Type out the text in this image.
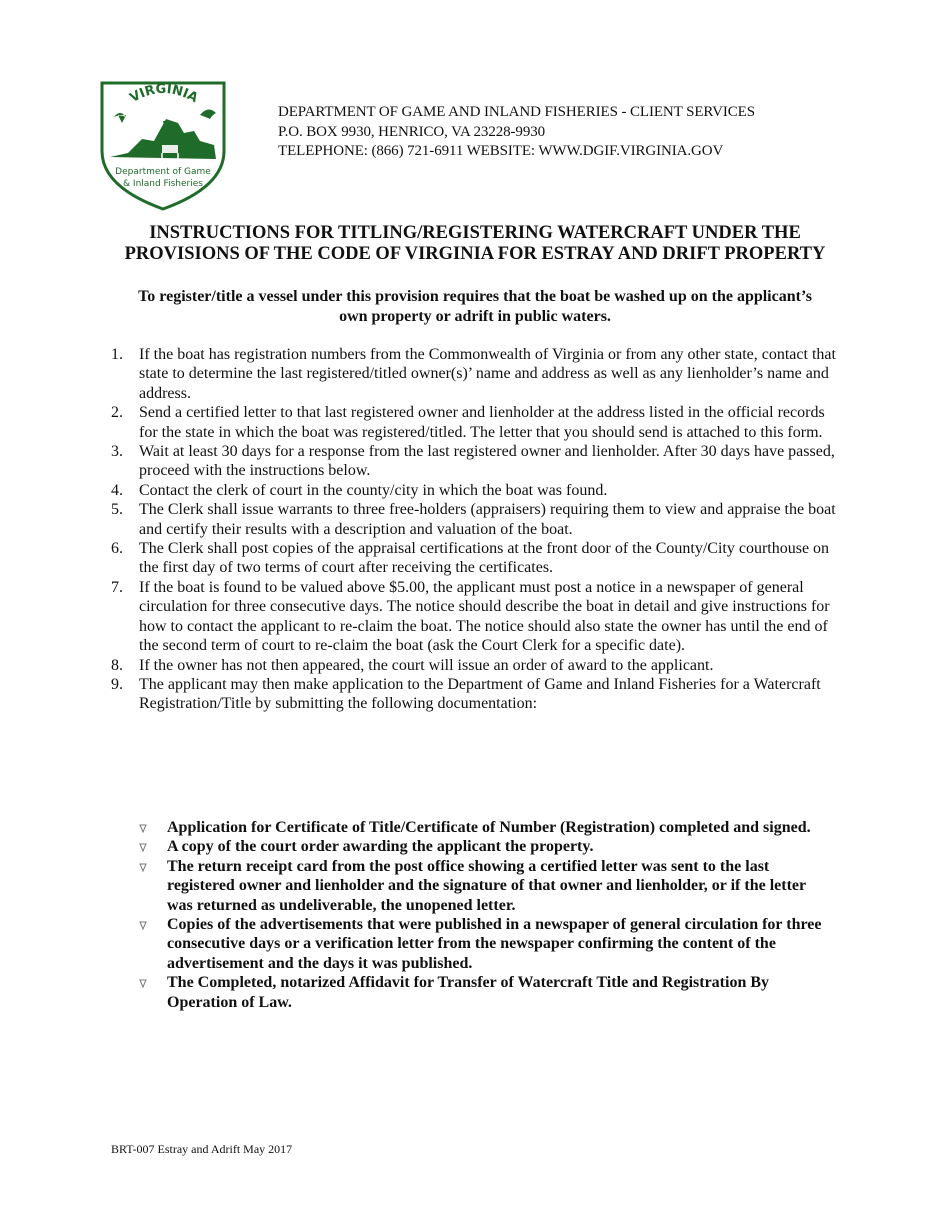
VIRGINIA
Department of Game
& Inland Fisheries
DEPARTMENT OF GAME AND INLAND FISHERIES - CLIENT SERVICES
P.O. BOX 9930, HENRICO, VA 23228-9930
TELEPHONE: (866) 721-6911 WEBSITE: WWW.DGIF.VIRGINIA.GOV
INSTRUCTIONS FOR TITLING/REGISTERING WATERCRAFT UNDER THE
PROVISIONS OF THE CODE OF VIRGINIA FOR ESTRAY AND DRIFT PROPERTY
To register/title a vessel under this provision requires that the boat be washed up on the applicant’s
own property or adrift in public waters.
1. If the boat has registration numbers from the Commonwealth of Virginia or from any other state, contact that state to determine the last registered/titled owner(s)’ name and address as well as any lienholder’s name and address.
2. Send a certified letter to that last registered owner and lienholder at the address listed in the official records for the state in which the boat was registered/titled. The letter that you should send is attached to this form.
3. Wait at least 30 days for a response from the last registered owner and lienholder. After 30 days have passed, proceed with the instructions below.
4. Contact the clerk of court in the county/city in which the boat was found.
5. The Clerk shall issue warrants to three free-holders (appraisers) requiring them to view and appraise the boat and certify their results with a description and valuation of the boat.
6. The Clerk shall post copies of the appraisal certifications at the front door of the County/City courthouse on the first day of two terms of court after receiving the certificates.
7. If the boat is found to be valued above $5.00, the applicant must post a notice in a newspaper of general circulation for three consecutive days. The notice should describe the boat in detail and give instructions for how to contact the applicant to re-claim the boat. The notice should also state the owner has until the end of the second term of court to re-claim the boat (ask the Court Clerk for a specific date).
8. If the owner has not then appeared, the court will issue an order of award to the applicant.
9. The applicant may then make application to the Department of Game and Inland Fisheries for a Watercraft Registration/Title by submitting the following documentation:
Application for Certificate of Title/Certificate of Number (Registration) completed and signed.
A copy of the court order awarding the applicant the property.
The return receipt card from the post office showing a certified letter was sent to the last registered owner and lienholder and the signature of that owner and lienholder, or if the letter was returned as undeliverable, the unopened letter.
Copies of the advertisements that were published in a newspaper of general circulation for three consecutive days or a verification letter from the newspaper confirming the content of the advertisement and the days it was published.
The Completed, notarized Affidavit for Transfer of Watercraft Title and Registration By Operation of Law.
BRT-007 Estray and Adrift May 2017
